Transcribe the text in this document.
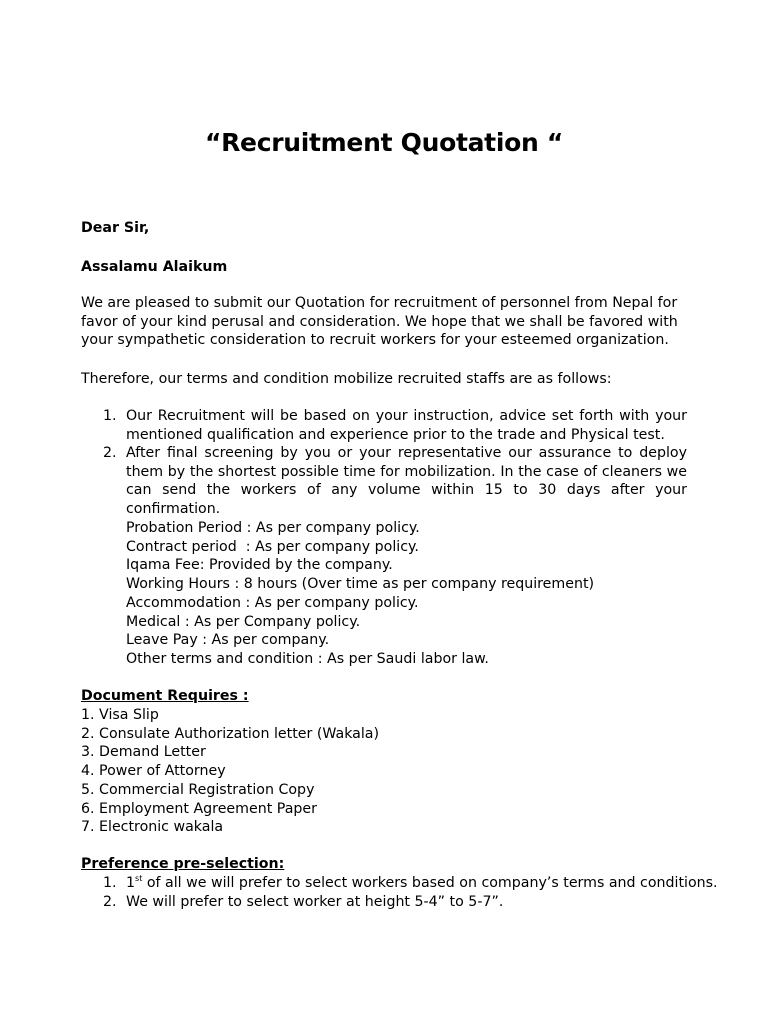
“Recruitment Quotation “
Dear Sir,
Assalamu Alaikum
We are pleased to submit our Quotation for recruitment of personnel from Nepal for favor of your kind perusal and consideration. We hope that we shall be favored with your sympathetic consideration to recruit workers for your esteemed organization.
Therefore, our terms and condition mobilize recruited staffs are as follows:
1. Our Recruitment will be based on your instruction, advice set forth with your mentioned qualification and experience prior to the trade and Physical test.
2. After final screening by you or your representative our assurance to deploy them by the shortest possible time for mobilization. In the case of cleaners we can send the workers of any volume within 15 to 30 days after your confirmation.
Probation Period : As per company policy.
Contract period  : As per company policy.
Iqama Fee: Provided by the company.
Working Hours : 8 hours (Over time as per company requirement)
Accommodation : As per company policy.
Medical : As per Company policy.
Leave Pay : As per company.
Other terms and condition : As per Saudi labor law.
Document Requires :
1. Visa Slip
2. Consulate Authorization letter (Wakala)
3. Demand Letter
4. Power of Attorney
5. Commercial Registration Copy
6. Employment Agreement Paper
7. Electronic wakala
Preference pre-selection:
1. 1st of all we will prefer to select workers based on company’s terms and conditions.
2. We will prefer to select worker at height 5-4” to 5-7”.
